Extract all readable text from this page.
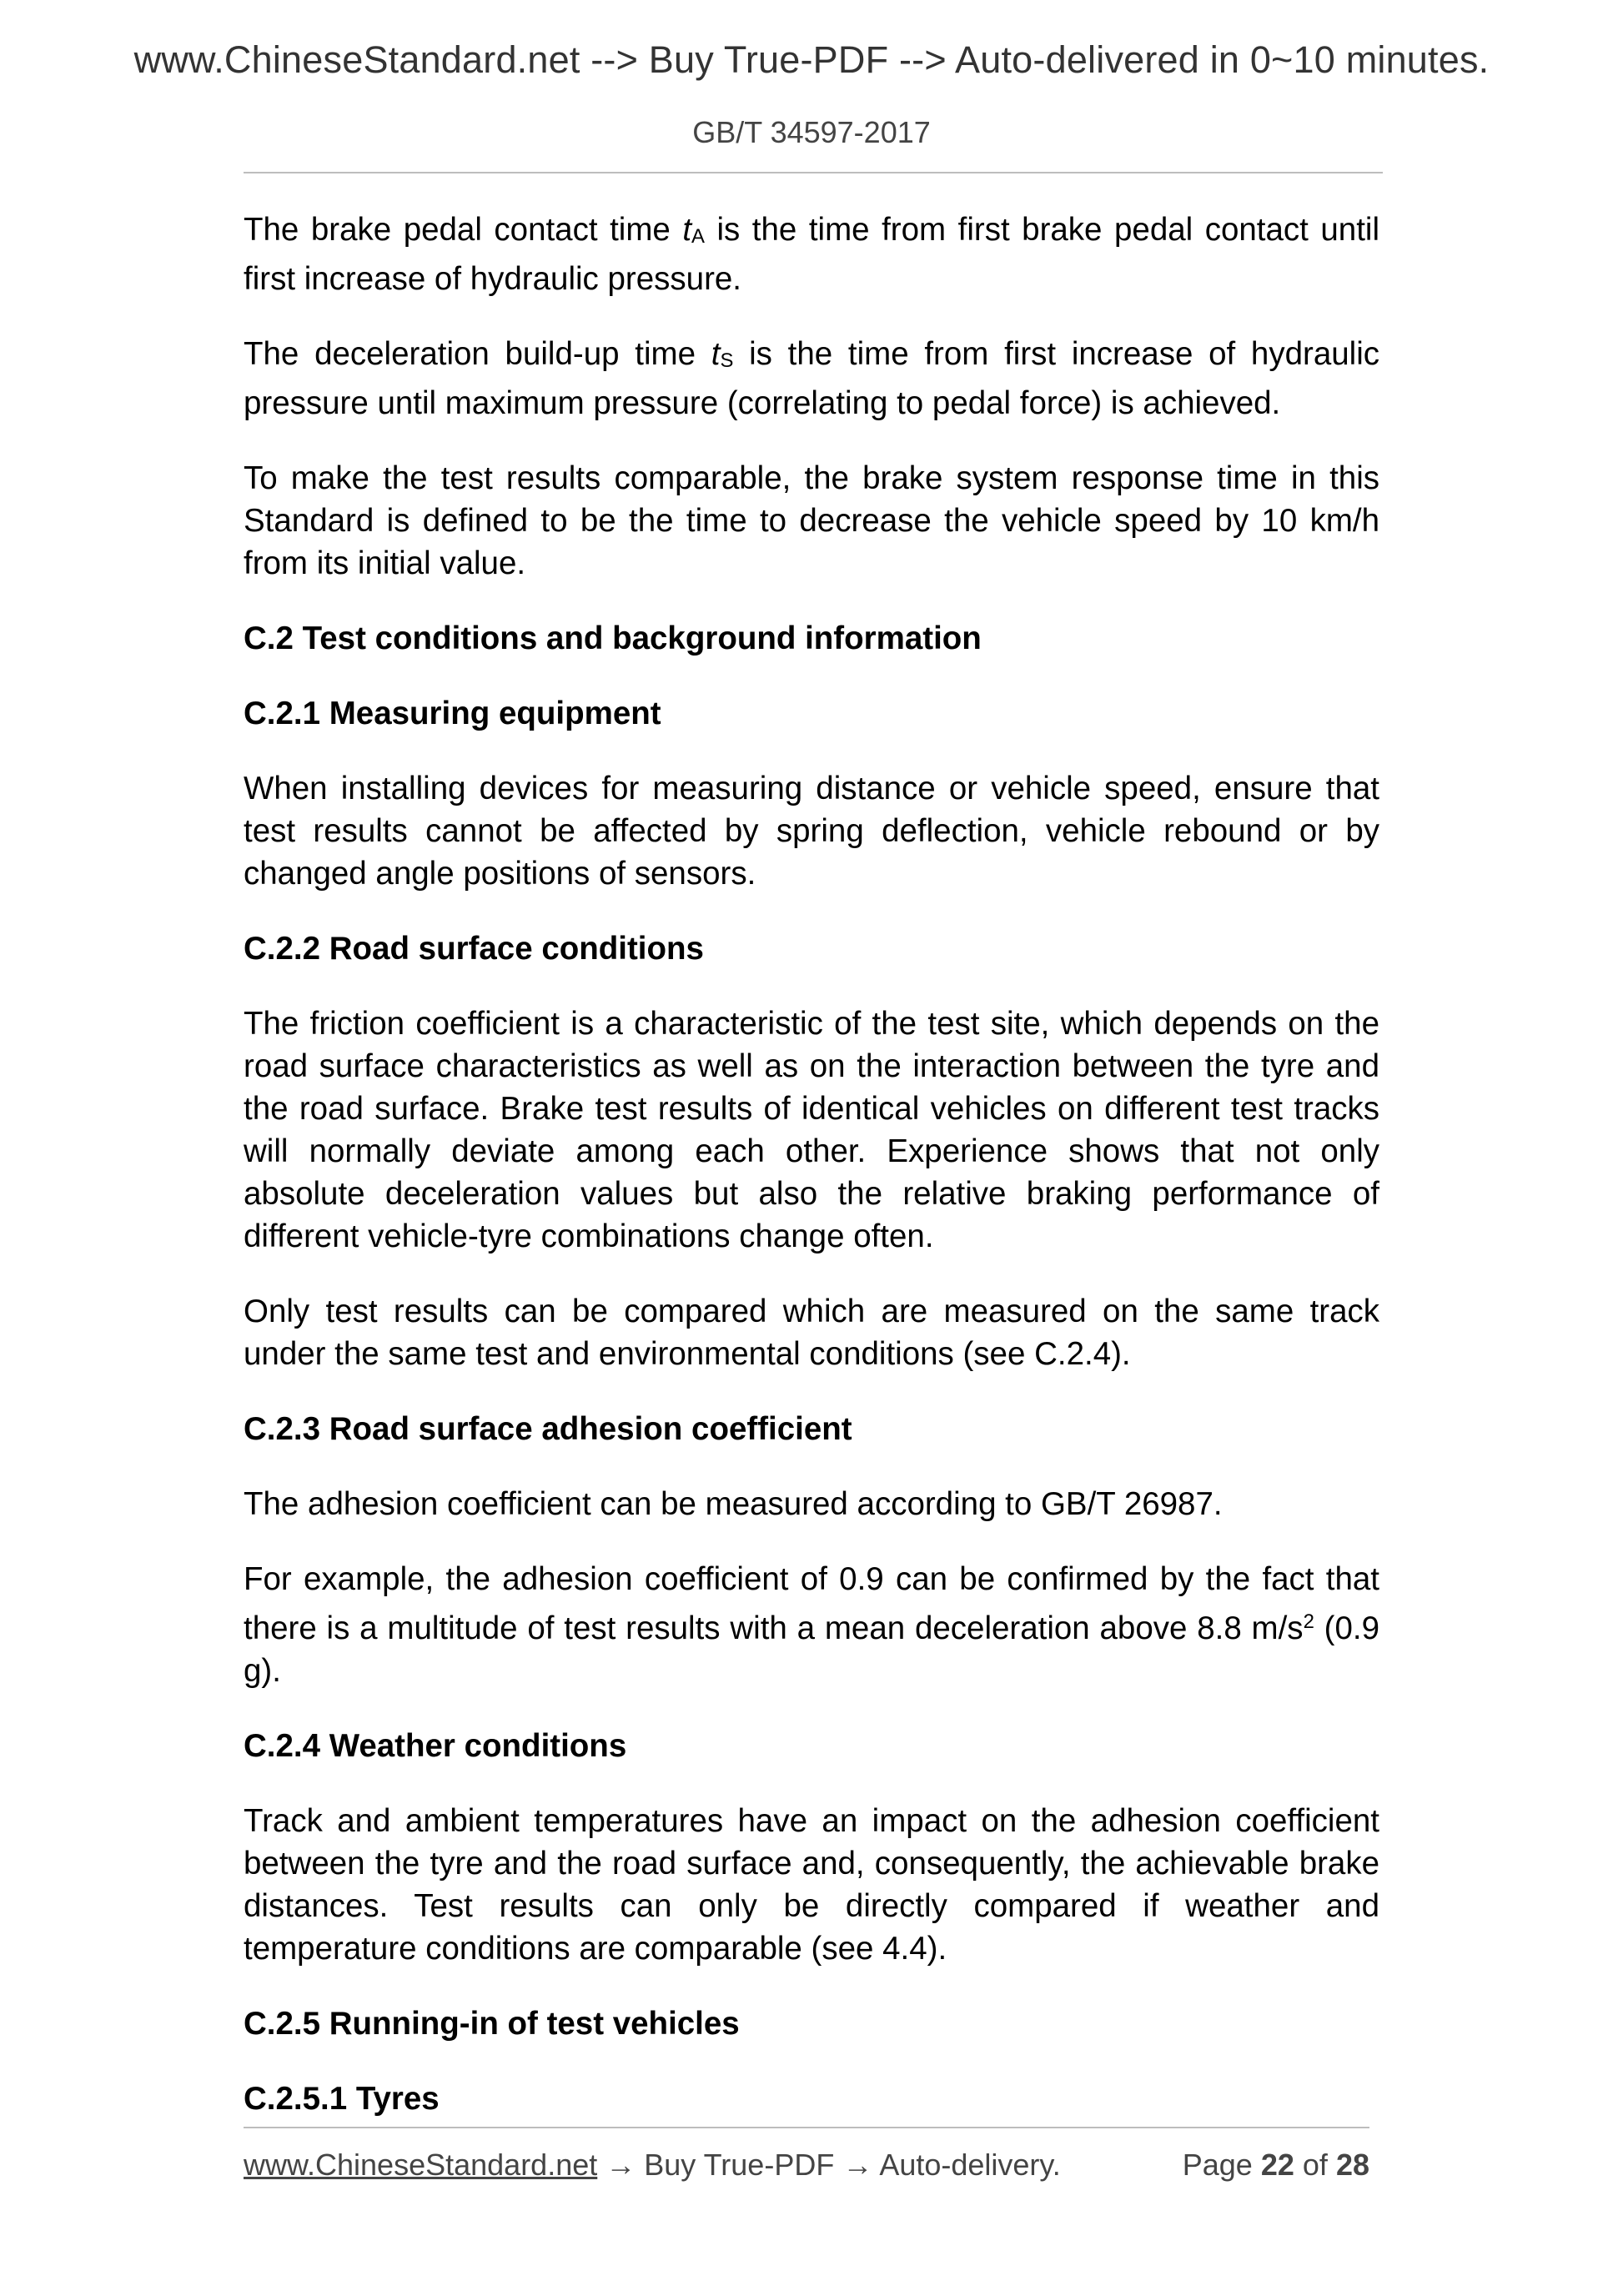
www.ChineseStandard.net --> Buy True-PDF --> Auto-delivered in 0~10 minutes.
GB/T 34597-2017

The brake pedal contact time tA is the time from first brake pedal contact until first increase of hydraulic pressure.

The deceleration build-up time tS is the time from first increase of hydraulic pressure until maximum pressure (correlating to pedal force) is achieved.

To make the test results comparable, the brake system response time in this Standard is defined to be the time to decrease the vehicle speed by 10 km/h from its initial value.

C.2 Test conditions and background information
C.2.1 Measuring equipment

When installing devices for measuring distance or vehicle speed, ensure that test results cannot be affected by spring deflection, vehicle rebound or by changed angle positions of sensors.

C.2.2 Road surface conditions

The friction coefficient is a characteristic of the test site, which depends on the road surface characteristics as well as on the interaction between the tyre and the road surface. Brake test results of identical vehicles on different test tracks will normally deviate among each other. Experience shows that not only absolute deceleration values but also the relative braking performance of different vehicle-tyre combinations change often.

Only test results can be compared which are measured on the same track under the same test and environmental conditions (see C.2.4).

C.2.3 Road surface adhesion coefficient

The adhesion coefficient can be measured according to GB/T 26987.

For example, the adhesion coefficient of 0.9 can be confirmed by the fact that there is a multitude of test results with a mean deceleration above 8.8 $m/s^2$ (0.9 g).

C.2.4 Weather conditions

Track and ambient temperatures have an impact on the adhesion coefficient between the tyre and the road surface and, consequently, the achievable brake distances. Test results can only be directly compared if weather and temperature conditions are comparable (see 4.4).

C.2.5 Running-in of test vehicles
C.2.5.1 Tyres
www.ChineseStandard.net → Buy True-PDF → Auto-delivery.	Page 22 of 28
